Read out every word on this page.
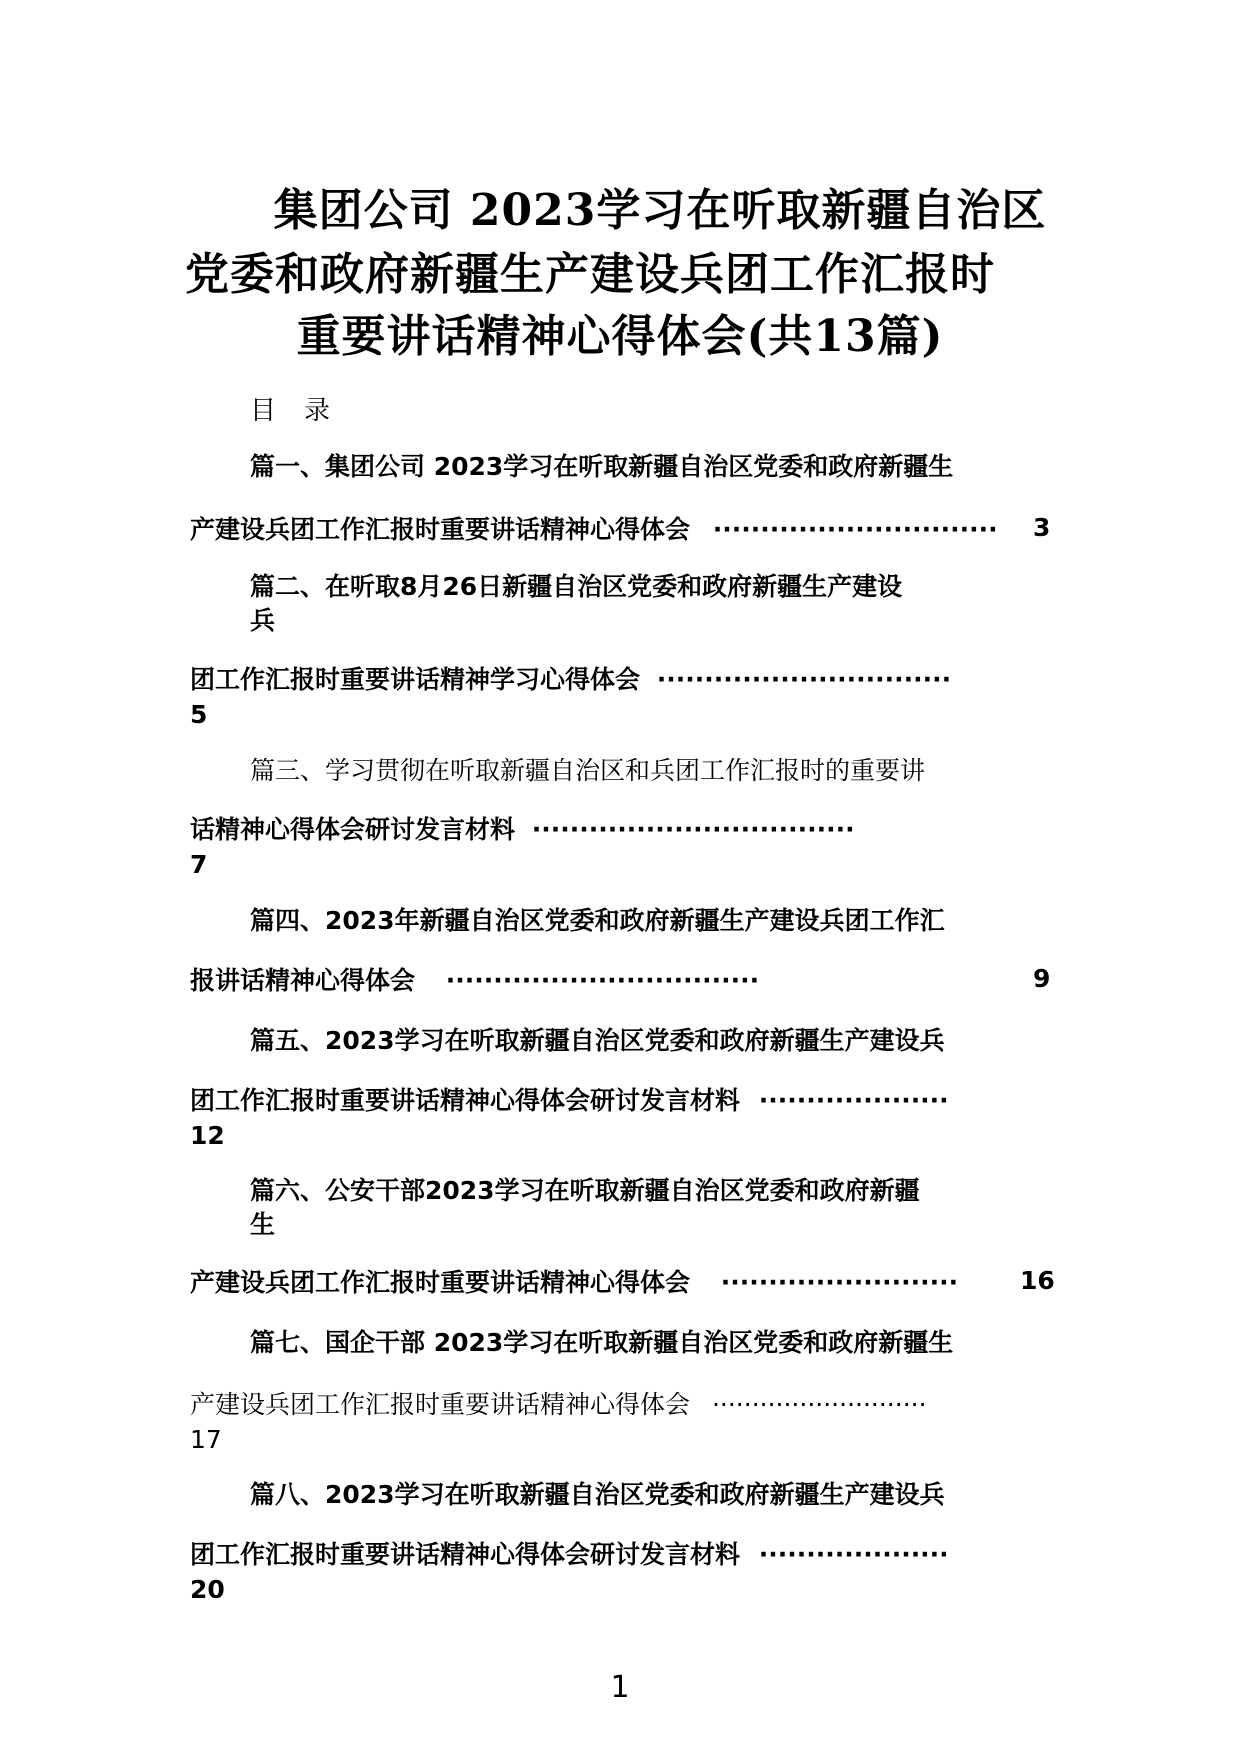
集团公司 2023学习在听取新疆自治区
党委和政府新疆生产建设兵团工作汇报时
重要讲话精神心得体会(共13篇)
目录
篇一、集团公司 2023学习在听取新疆自治区党委和政府新疆生
产建设兵团工作汇报时重要讲话精神心得体会 ······························ 3
篇二、在听取8月26日新疆自治区党委和政府新疆生产建设
兵
团工作汇报时重要讲话精神学习心得体会 ·······························
5
篇三、学习贯彻在听取新疆自治区和兵团工作汇报时的重要讲
话精神心得体会研讨发言材料 ··································
7
篇四、2023年新疆自治区党委和政府新疆生产建设兵团工作汇
报讲话精神心得体会 ·································	9
篇五、2023学习在听取新疆自治区党委和政府新疆生产建设兵
团工作汇报时重要讲话精神心得体会研讨发言材料 ····················
12
篇六、公安干部2023学习在听取新疆自治区党委和政府新疆
生
产建设兵团工作汇报时重要讲话精神心得体会 ························· 16
篇七、国企干部 2023学习在听取新疆自治区党委和政府新疆生
产建设兵团工作汇报时重要讲话精神心得体会 ···························
17
篇八、2023学习在听取新疆自治区党委和政府新疆生产建设兵
团工作汇报时重要讲话精神心得体会研讨发言材料 ····················
20
1
